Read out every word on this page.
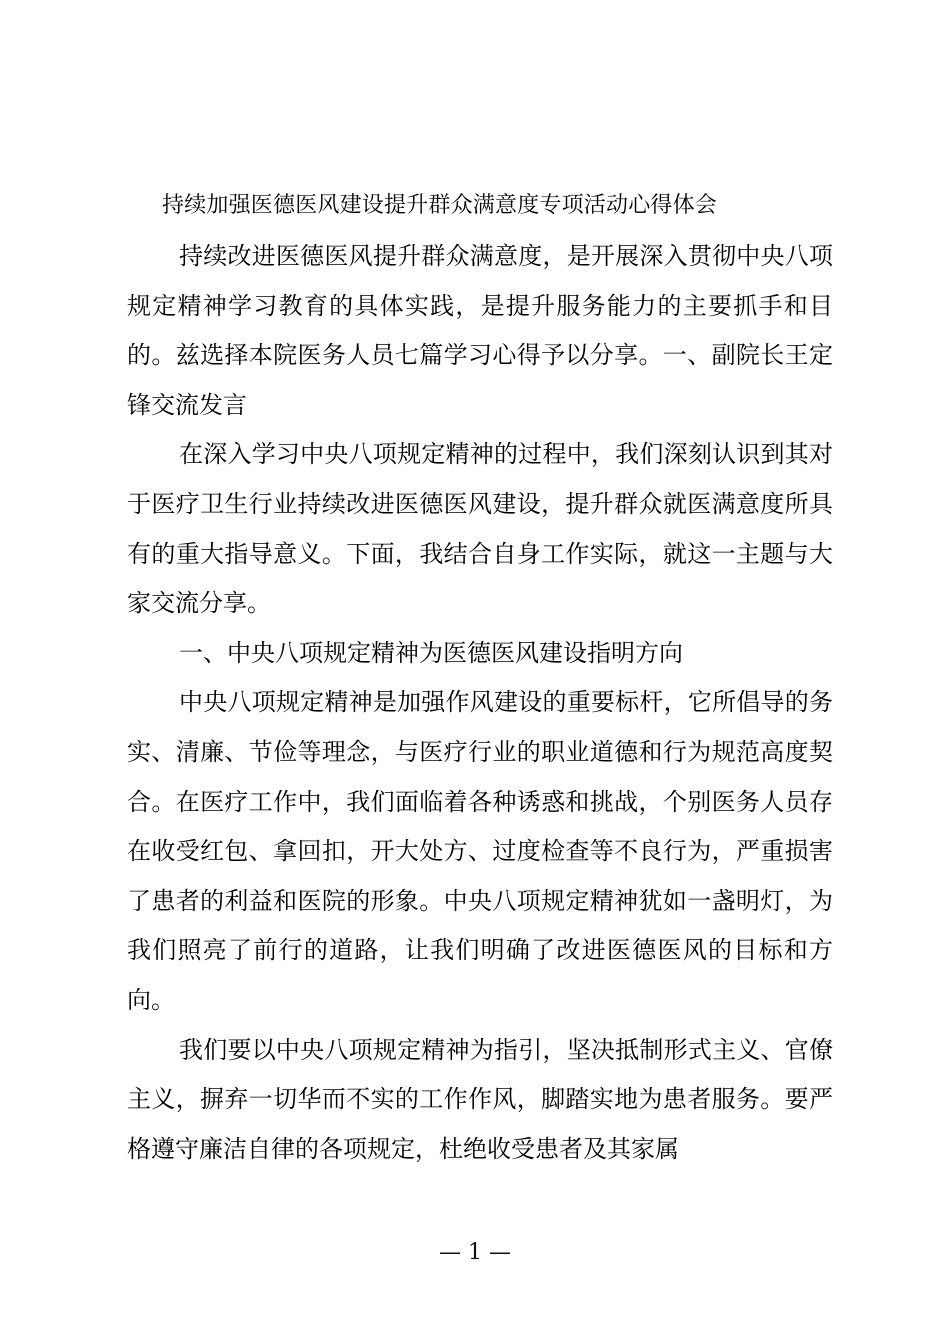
持续加强医德医风建设提升群众满意度专项活动心得体会

持续改进医德医风提升群众满意度，是开展深入贯彻中央八项规定精神学习教育的具体实践，是提升服务能力的主要抓手和目的。兹选择本院医务人员七篇学习心得予以分享。一、副院长王定锋交流发言

在深入学习中央八项规定精神的过程中，我们深刻认识到其对于医疗卫生行业持续改进医德医风建设，提升群众就医满意度所具有的重大指导意义。下面，我结合自身工作实际，就这一主题与大家交流分享。

一、中央八项规定精神为医德医风建设指明方向

中央八项规定精神是加强作风建设的重要标杆，它所倡导的务实、清廉、节俭等理念，与医疗行业的职业道德和行为规范高度契合。在医疗工作中，我们面临着各种诱惑和挑战，个别医务人员存在收受红包、拿回扣，开大处方、过度检查等不良行为，严重损害了患者的利益和医院的形象。中央八项规定精神犹如一盏明灯，为我们照亮了前行的道路，让我们明确了改进医德医风的目标和方向。

我们要以中央八项规定精神为指引，坚决抵制形式主义、官僚主义，摒弃一切华而不实的工作作风，脚踏实地为患者服务。要严格遵守廉洁自律的各项规定，杜绝收受患者及其家属

— 1 —
